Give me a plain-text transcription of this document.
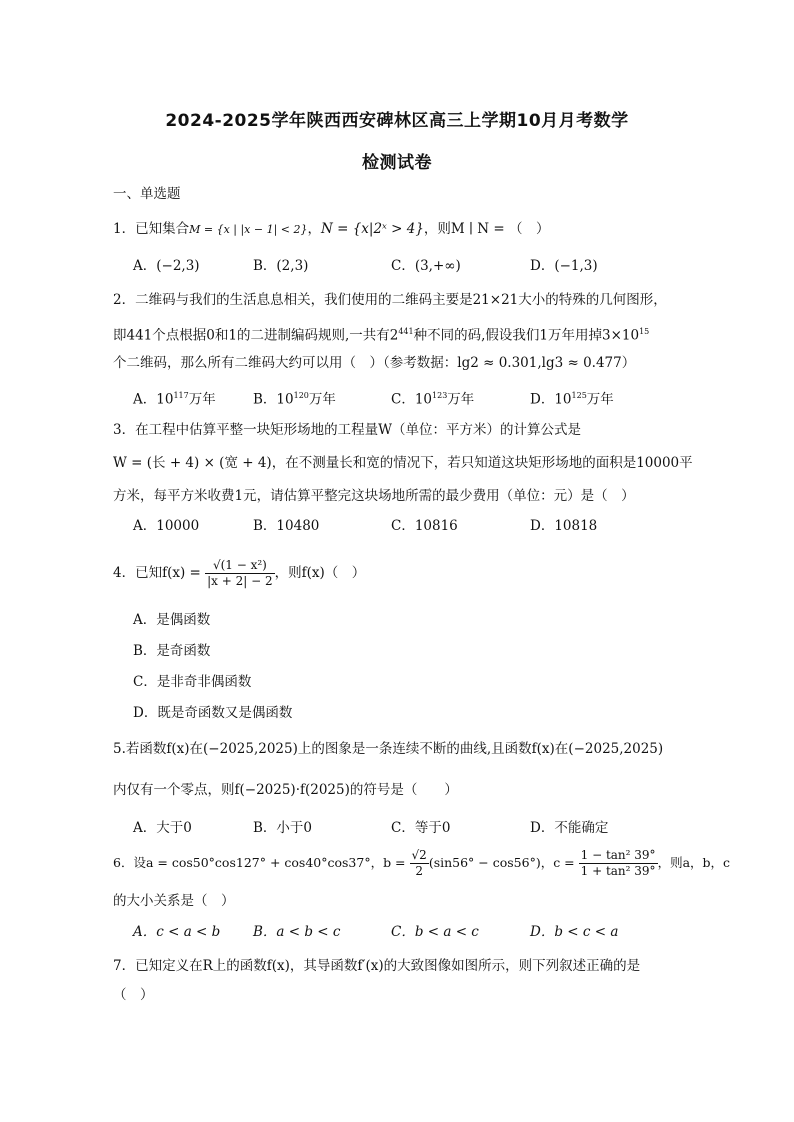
2024-2025学年陕西西安碑林区高三上学期10月月考数学
检测试卷
一、单选题
1．已知集合M = {x | |x − 1| < 2}，N = {x|2ˣ > 4}，则M ∣ N = （　）
A．(−2,3)	B．(2,3)	C．(3,+∞)	D．(−1,3)
2．二维码与我们的生活息息相关，我们使用的二维码主要是21×21大小的特殊的几何图形，
即441个点根据0和1的二进制编码规则,一共有$2^{441}$种不同的码,假设我们1万年用掉$3\times 10^{15}$
个二维码，那么所有二维码大约可以用（　）（参考数据：lg2 ≈ 0.301,lg3 ≈ 0.477）
A．$10^{117}$万年	B．$10^{120}$万年	C．$10^{123}$万年	D．$10^{125}$万年
3．在工程中估算平整一块矩形场地的工程量W（单位：平方米）的计算公式是
W = (长 + 4) × (宽 + 4)，在不测量长和宽的情况下，若只知道这块矩形场地的面积是10000平
方米，每平方米收费1元，请估算平整完这块场地所需的最少费用（单位：元）是（　）
A．10000	B．10480	C．10816	D．10818
4．已知$f(x) = \frac{\text{√(1 − x²)}}{|x + 2| - 2}$ ，则f(x)（　）
A．是偶函数
B．是奇函数
C．是非奇非偶函数
D．既是奇函数又是偶函数
5.若函数f(x)在(−2025,2025)上的图象是一条连续不断的曲线,且函数f(x)在(−2025,2025)
内仅有一个零点，则f(−2025)·f(2025)的符号是（　　）
A．大于0	B．小于0	C．等于0	D．不能确定
6．设a = cos50°cos127° + cos40°cos37°，$b = \frac{√2}{2} (\sin 56^\circ - \cos 56^\circ)$，$c = \frac{\text{1 − tan² 39°}}{\text{1 + tan² 39°}}$ ，则a，b，c
的大小关系是（　）
A．c < a < b B．a < b < c	C．b < a < c	D．b < c < a
7．已知定义在R上的函数f(x)，其导函数f′(x)的大致图像如图所示，则下列叙述正确的是
（　）
